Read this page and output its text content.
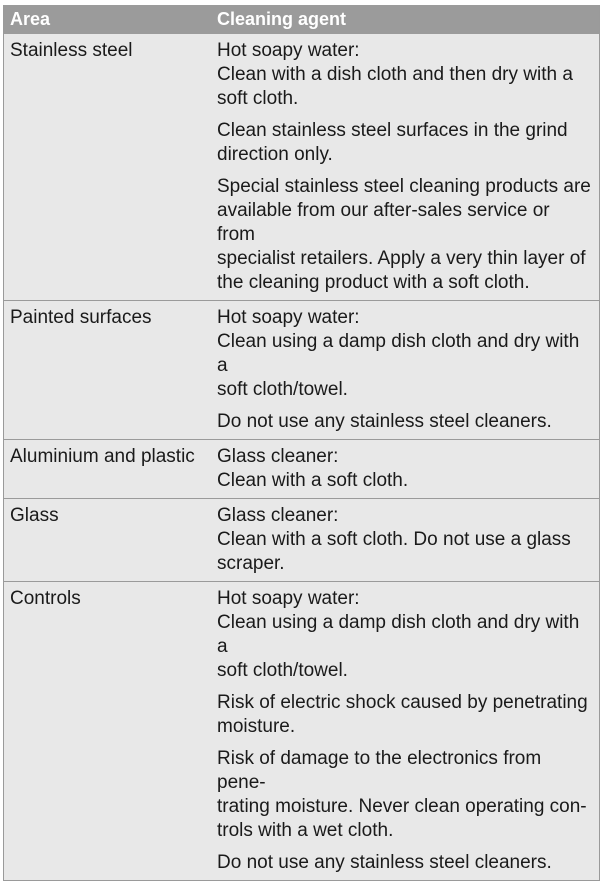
Area	Cleaning agent
Stainless steel	Hot soapy water:
Clean with a dish cloth and then dry with a
soft cloth.
Clean stainless steel surfaces in the grind
direction only.
Special stainless steel cleaning products are
available from our after-sales service or from
specialist retailers. Apply a very thin layer of
the cleaning product with a soft cloth.
Painted surfaces	Hot soapy water:
Clean using a damp dish cloth and dry with a
soft cloth/towel.
Do not use any stainless steel cleaners.
Aluminium and plastic	Glass cleaner:
Clean with a soft cloth.
Glass	Glass cleaner:
Clean with a soft cloth. Do not use a glass
scraper.
Controls	Hot soapy water:
Clean using a damp dish cloth and dry with a
soft cloth/towel.
Risk of electric shock caused by penetrating
moisture.
Risk of damage to the electronics from pene-
trating moisture. Never clean operating con-
trols with a wet cloth.
Do not use any stainless steel cleaners.
